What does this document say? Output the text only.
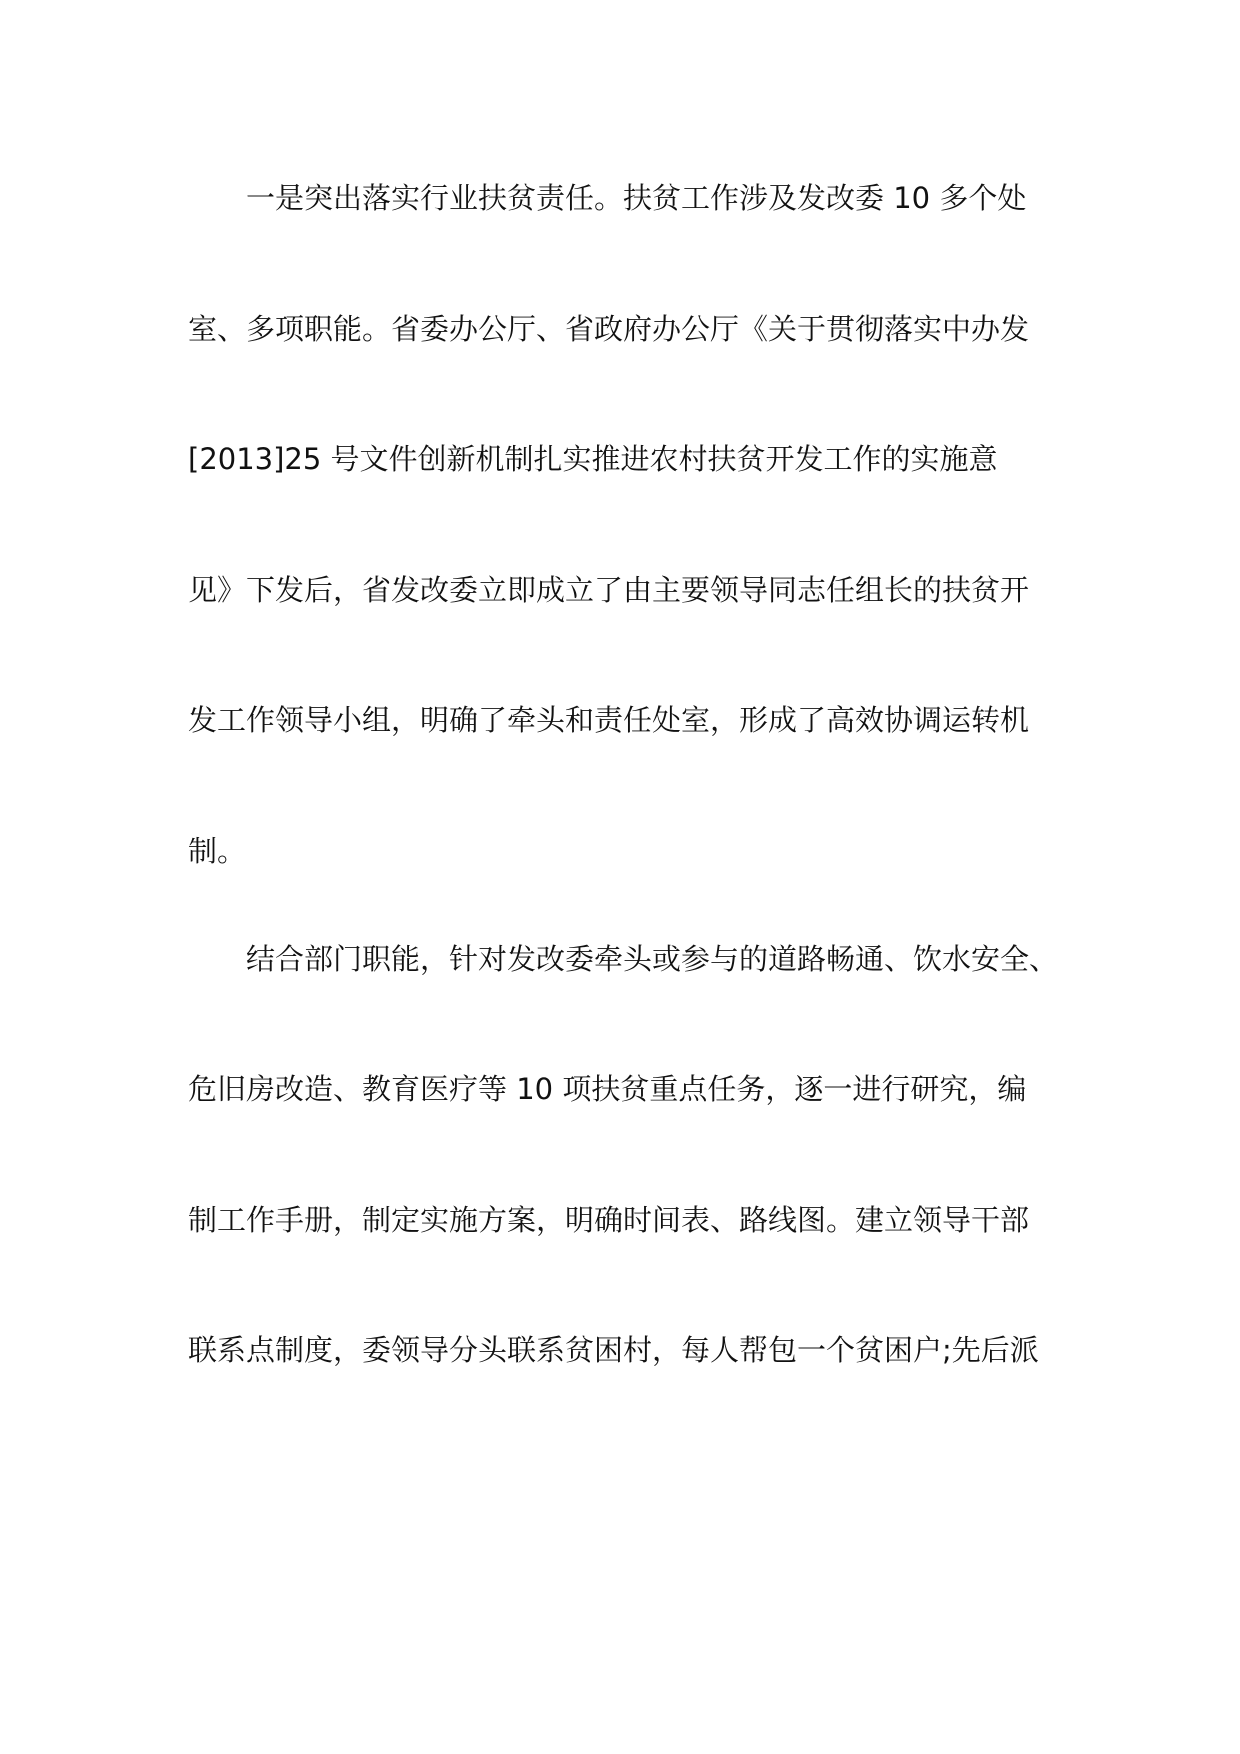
一是突出落实行业扶贫责任。扶贫工作涉及发改委 10 多个处
室、多项职能。省委办公厅、省政府办公厅《关于贯彻落实中办发
[2013]25 号文件创新机制扎实推进农村扶贫开发工作的实施意
见》下发后，省发改委立即成立了由主要领导同志任组长的扶贫开
发工作领导小组，明确了牵头和责任处室，形成了高效协调运转机
制。
结合部门职能，针对发改委牵头或参与的道路畅通、饮水安全、
危旧房改造、教育医疗等 10 项扶贫重点任务，逐一进行研究，编
制工作手册，制定实施方案，明确时间表、路线图。建立领导干部
联系点制度，委领导分头联系贫困村，每人帮包一个贫困户;先后派
